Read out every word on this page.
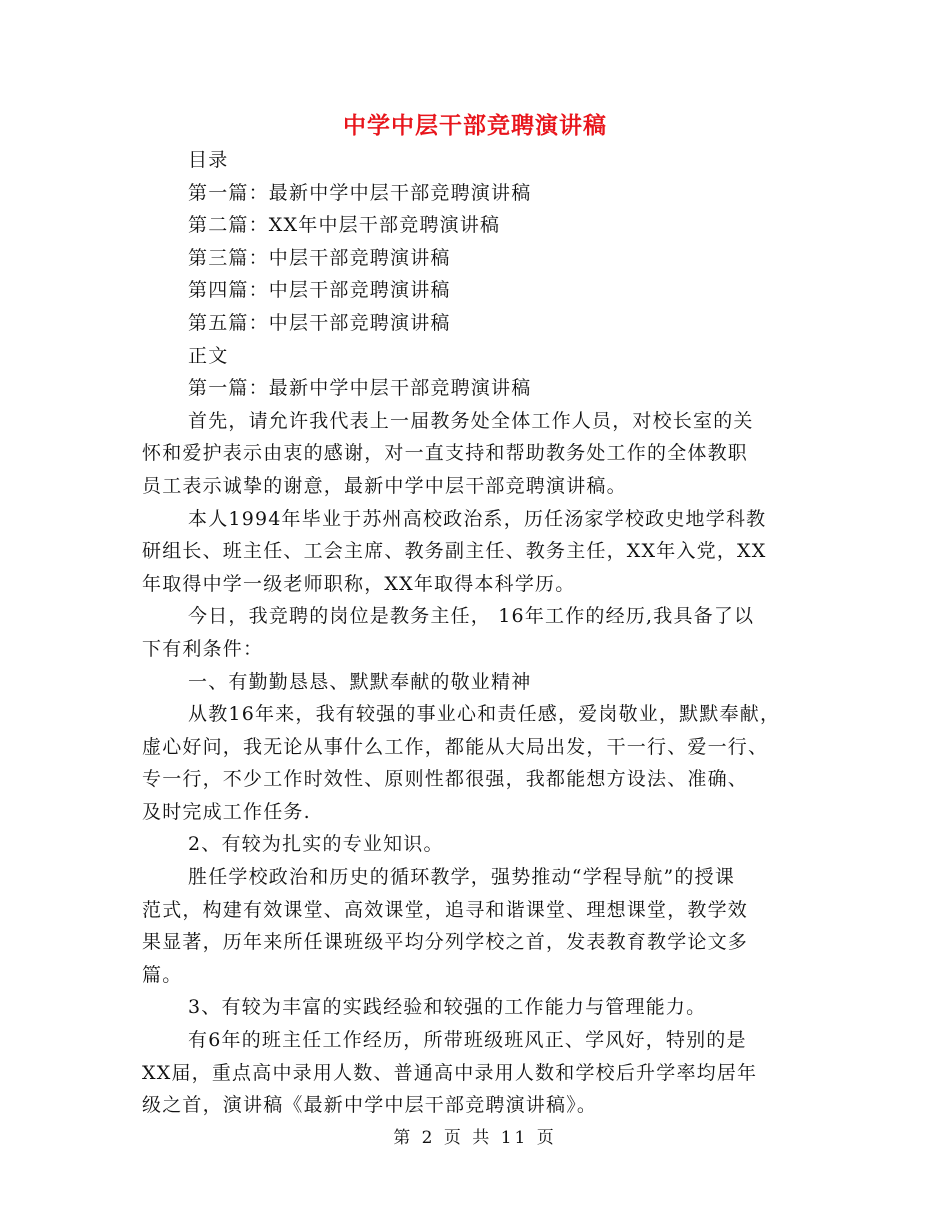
中学中层干部竞聘演讲稿
目录
第一篇：最新中学中层干部竞聘演讲稿
第二篇：XX年中层干部竞聘演讲稿
第三篇：中层干部竞聘演讲稿
第四篇：中层干部竞聘演讲稿
第五篇：中层干部竞聘演讲稿
正文
第一篇：最新中学中层干部竞聘演讲稿
首先，请允许我代表上一届教务处全体工作人员，对校长室的关
怀和爱护表示由衷的感谢，对一直支持和帮助教务处工作的全体教职
员工表示诚挚的谢意，最新中学中层干部竞聘演讲稿。
本人1994年毕业于苏州高校政治系，历任汤家学校政史地学科教
研组长、班主任、工会主席、教务副主任、教务主任，XX年入党，XX
年取得中学一级老师职称，XX年取得本科学历。
今日，我竞聘的岗位是教务主任， 16年工作的经历,我具备了以
下有利条件：
一、有勤勤恳恳、默默奉献的敬业精神
从教16年来，我有较强的事业心和责任感，爱岗敬业，默默奉献，
虚心好问，我无论从事什么工作，都能从大局出发，干一行、爱一行、
专一行，不少工作时效性、原则性都很强，我都能想方设法、准确、
及时完成工作任务.
2、有较为扎实的专业知识。
胜任学校政治和历史的循环教学，强势推动“学程导航”的授课
范式，构建有效课堂、高效课堂，追寻和谐课堂、理想课堂，教学效
果显著，历年来所任课班级平均分列学校之首，发表教育教学论文多
篇。
3、有较为丰富的实践经验和较强的工作能力与管理能力。
有6年的班主任工作经历，所带班级班风正、学风好，特别的是
XX届，重点高中录用人数、普通高中录用人数和学校后升学率均居年
级之首，演讲稿《最新中学中层干部竞聘演讲稿》。
第 2 页 共 11 页
